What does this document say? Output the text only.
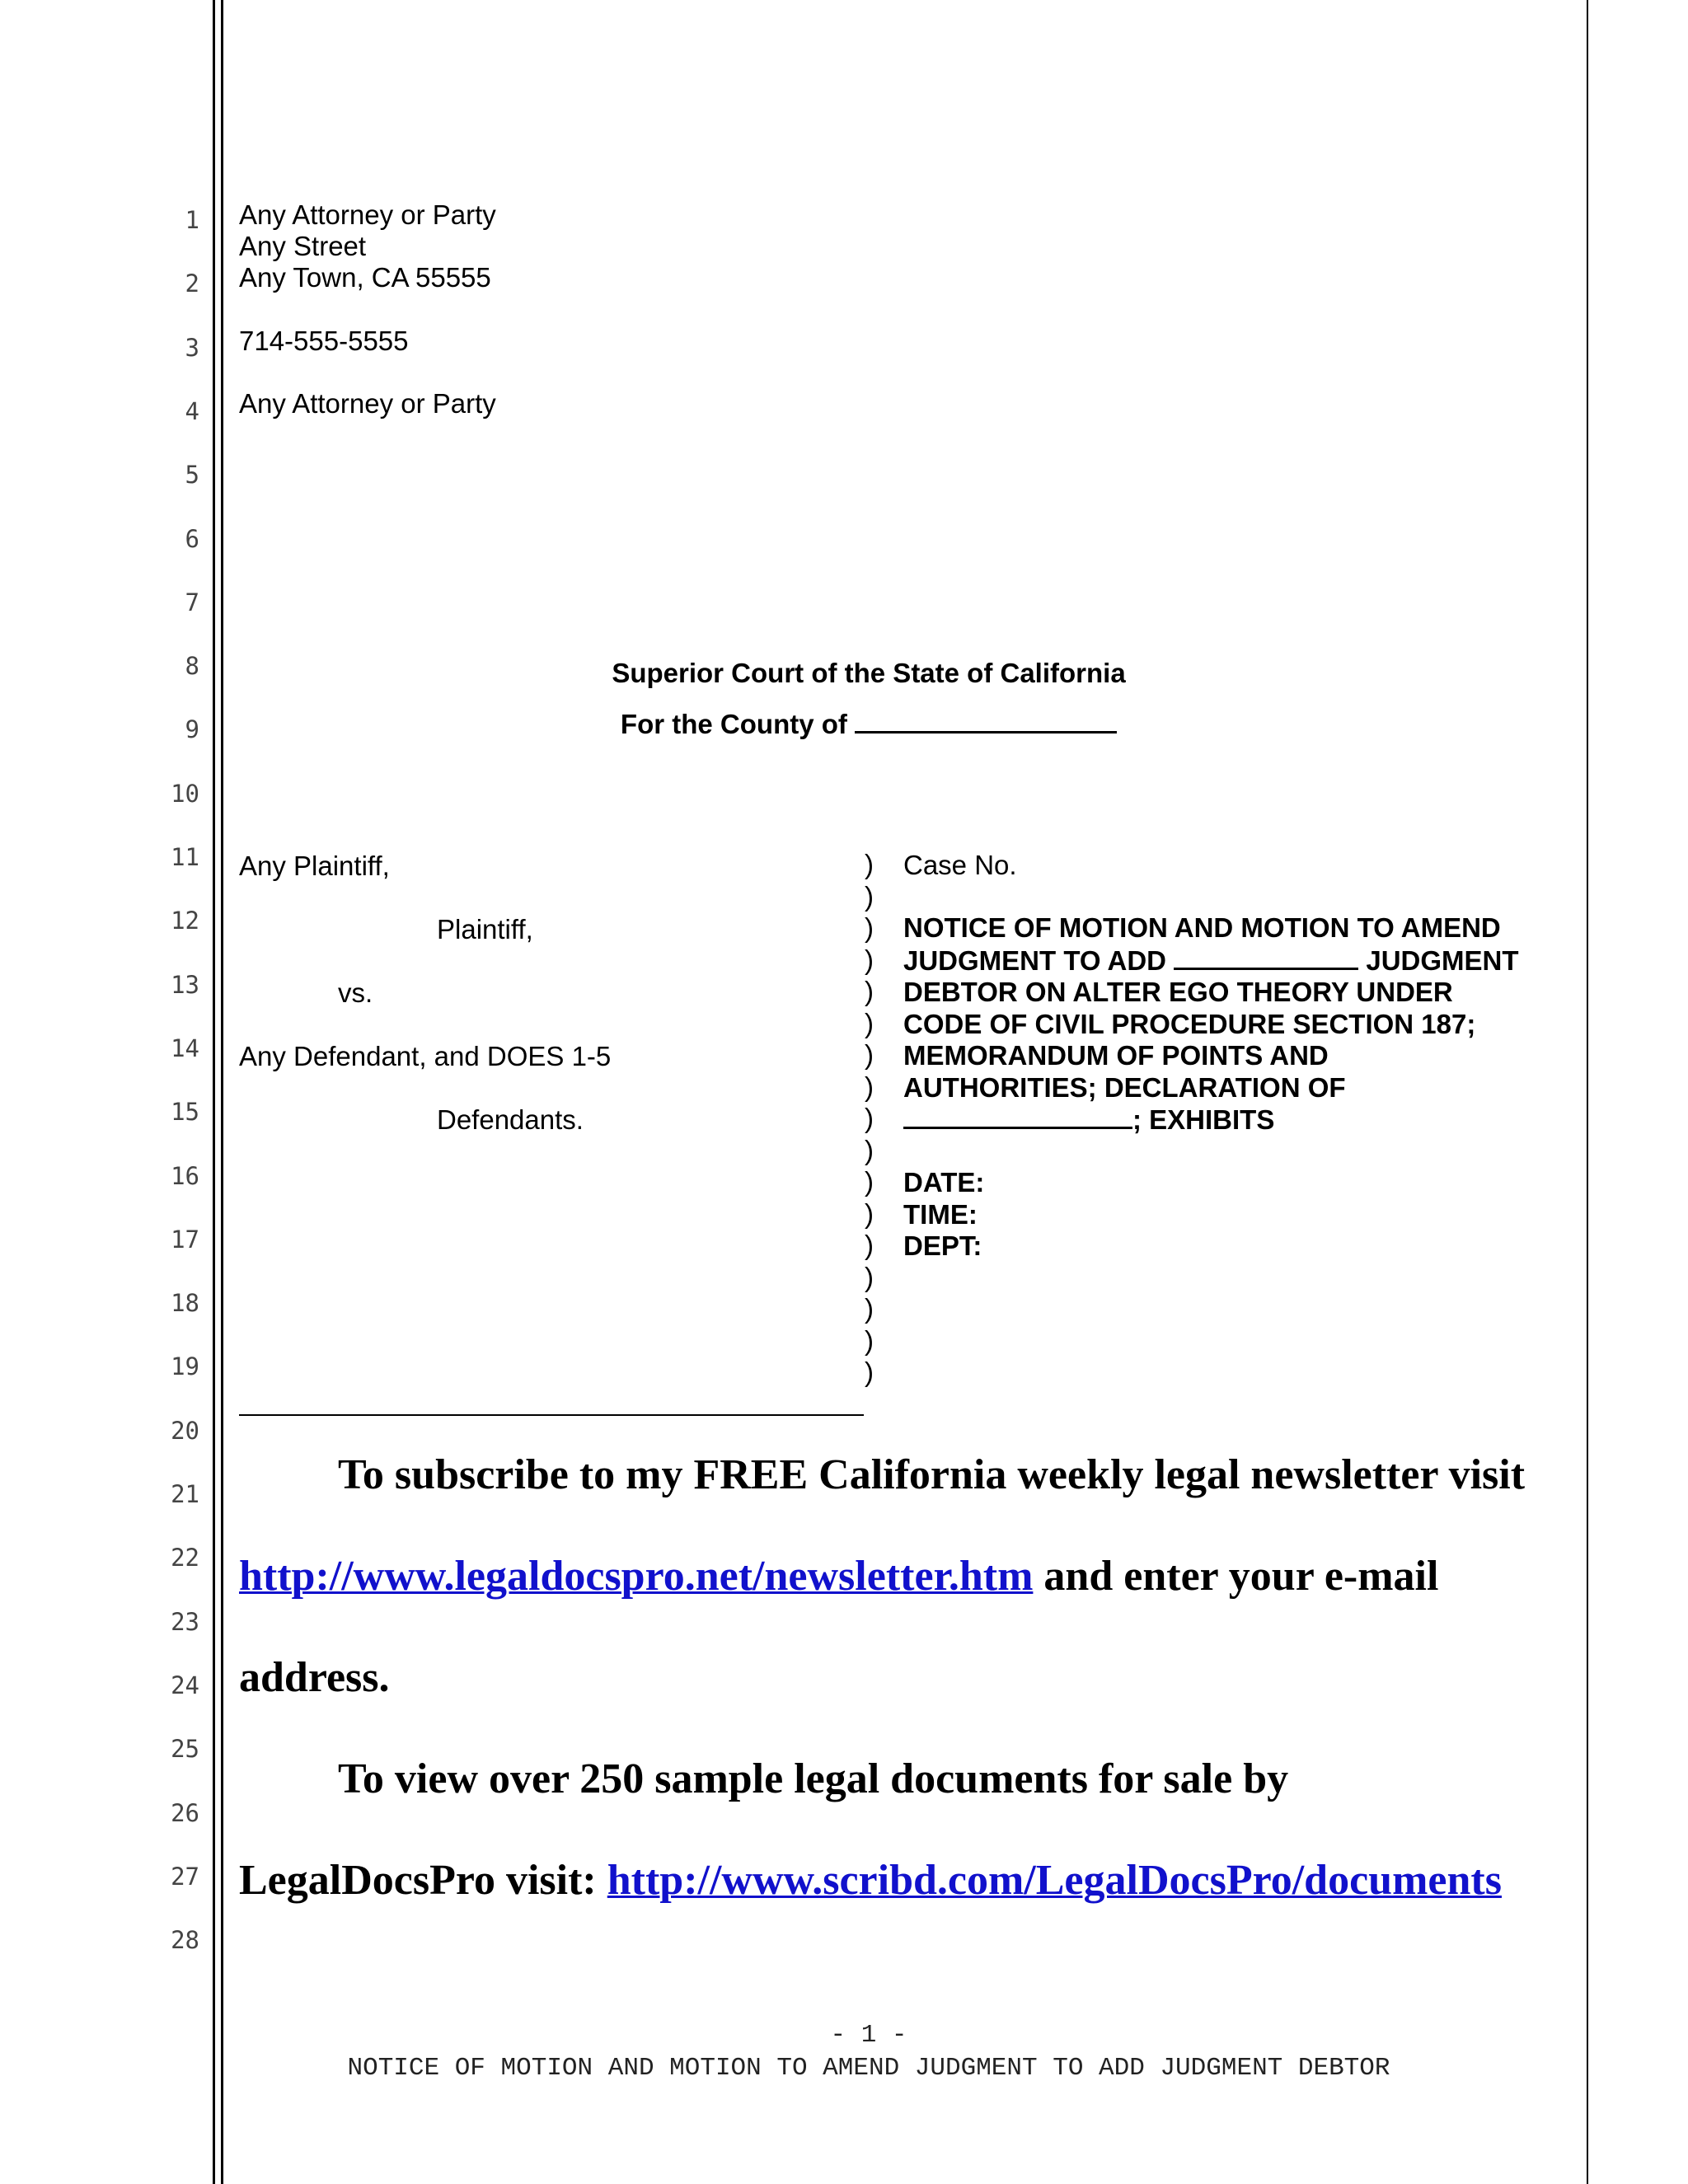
1
2
3
4
5
6
7
8
9
10
11
12
13
14
15
16
17
18
19
20
21
22
23
24
25
26
27
28
Any Attorney or Party
Any Street
Any Town, CA 55555
714-555-5555
Any Attorney or Party
Superior Court of the State of California
For the County of
Any Plaintiff,
Plaintiff,
vs.
Any Defendant, and DOES 1-5
Defendants.
)
)
)
)
)
)
)
)
)
)
)
)
)
)
)
)
)
Case No.
NOTICE OF MOTION AND MOTION TO AMEND
JUDGMENT TO ADD	JUDGMENT
DEBTOR ON ALTER EGO THEORY UNDER
CODE OF CIVIL PROCEDURE SECTION 187;
MEMORANDUM OF POINTS AND
AUTHORITIES; DECLARATION OF
; EXHIBITS
DATE:
TIME:
DEPT:
To subscribe to my FREE California weekly legal newsletter visit
http://www.legaldocspro.net/newsletter.htm and enter your e-mail
address.
To view over 250 sample legal documents for sale by
LegalDocsPro visit: http://www.scribd.com/LegalDocsPro/documents
- 1 -
NOTICE OF MOTION AND MOTION TO AMEND JUDGMENT TO ADD JUDGMENT DEBTOR
